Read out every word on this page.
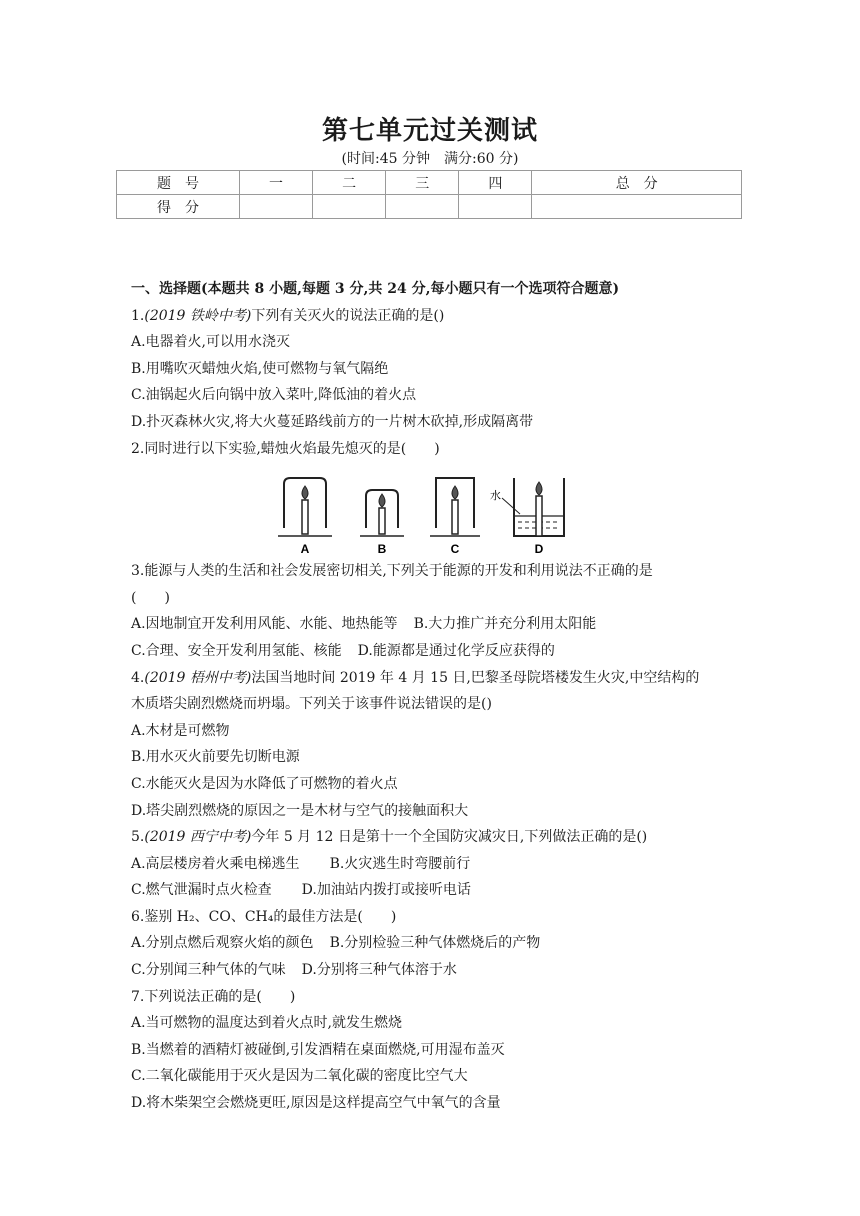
第七单元过关测试
(时间:45 分钟　满分:60 分)
题　号	一	二	三	四	总　分
得　分					
一、选择题(本题共 8 小题,每题 3 分,共 24 分,每小题只有一个选项符合题意)
1.(2019 铁岭中考)下列有关灭火的说法正确的是()
A.电器着火,可以用水浇灭
B.用嘴吹灭蜡烛火焰,使可燃物与氧气隔绝
C.油锅起火后向锅中放入菜叶,降低油的着火点
D.扑灭森林火灾,将大火蔓延路线前方的一片树木砍掉,形成隔离带
2.同时进行以下实验,蜡烛火焰最先熄灭的是(　　)
A	B	C
水
D
3.能源与人类的生活和社会发展密切相关,下列关于能源的开发和利用说法不正确的是
(　　)
A.因地制宜开发利用风能、水能、地热能等 B.大力推广并充分利用太阳能
C.合理、安全开发利用氢能、核能 D.能源都是通过化学反应获得的
4.(2019 梧州中考)法国当地时间 2019 年 4 月 15 日,巴黎圣母院塔楼发生火灾,中空结构的
木质塔尖剧烈燃烧而坍塌。下列关于该事件说法错误的是()
A.木材是可燃物
B.用水灭火前要先切断电源
C.水能灭火是因为水降低了可燃物的着火点
D.塔尖剧烈燃烧的原因之一是木材与空气的接触面积大
5.(2019 西宁中考)今年 5 月 12 日是第十一个全国防灾减灾日,下列做法正确的是()
A.高层楼房着火乘电梯逃生 B.火灾逃生时弯腰前行
C.燃气泄漏时点火检查 D.加油站内拨打或接听电话
6.鉴别 H₂、CO、CH₄的最佳方法是(　　)
A.分别点燃后观察火焰的颜色 B.分别检验三种气体燃烧后的产物
C.分别闻三种气体的气味 D.分别将三种气体溶于水
7.下列说法正确的是(　　)
A.当可燃物的温度达到着火点时,就发生燃烧
B.当燃着的酒精灯被碰倒,引发酒精在桌面燃烧,可用湿布盖灭
C.二氧化碳能用于灭火是因为二氧化碳的密度比空气大
D.将木柴架空会燃烧更旺,原因是这样提高空气中氧气的含量
